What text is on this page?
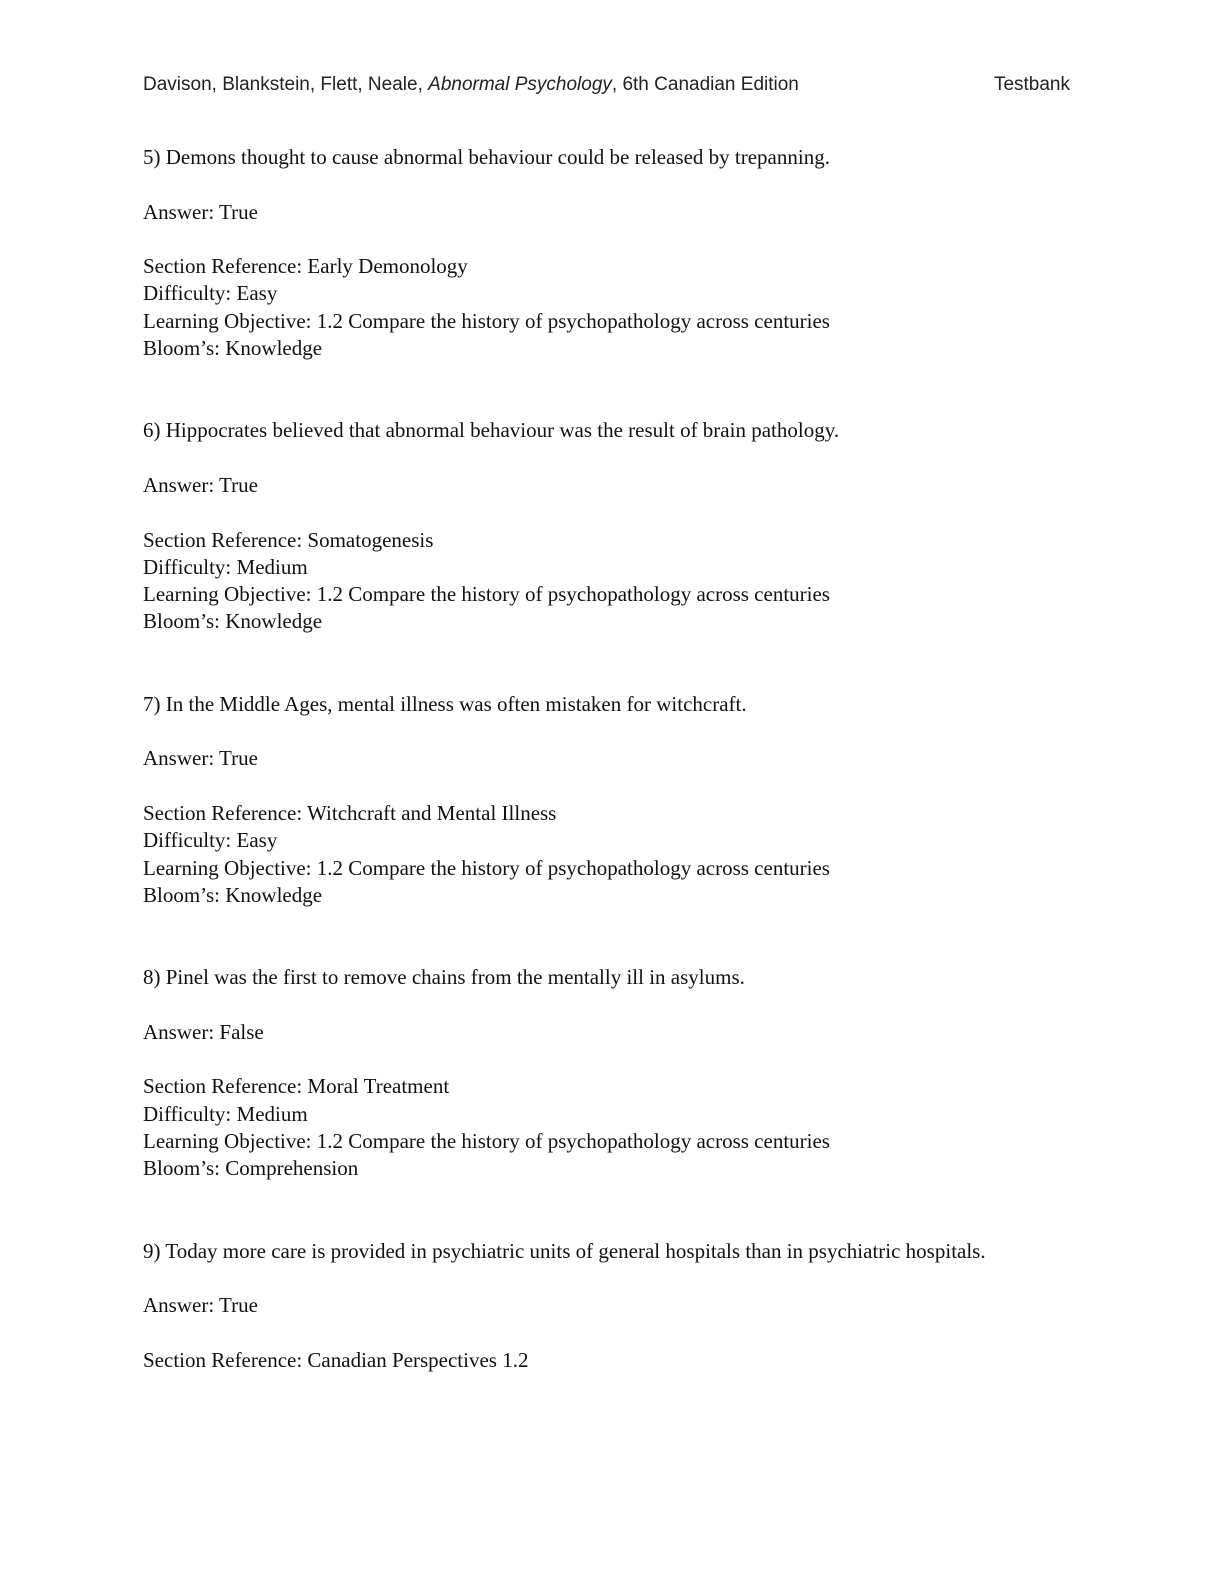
Davison, Blankstein, Flett, Neale, Abnormal Psychology, 6th Canadian Edition	Testbank
5) Demons thought to cause abnormal behaviour could be released by trepanning.
Answer: True
Section Reference: Early Demonology
Difficulty: Easy
Learning Objective: 1.2 Compare the history of psychopathology across centuries
Bloom’s: Knowledge
6) Hippocrates believed that abnormal behaviour was the result of brain pathology.
Answer: True
Section Reference: Somatogenesis
Difficulty: Medium
Learning Objective: 1.2 Compare the history of psychopathology across centuries
Bloom’s: Knowledge
7) In the Middle Ages, mental illness was often mistaken for witchcraft.
Answer: True
Section Reference: Witchcraft and Mental Illness
Difficulty: Easy
Learning Objective: 1.2 Compare the history of psychopathology across centuries
Bloom’s: Knowledge
8) Pinel was the first to remove chains from the mentally ill in asylums.
Answer: False
Section Reference: Moral Treatment
Difficulty: Medium
Learning Objective: 1.2 Compare the history of psychopathology across centuries
Bloom’s: Comprehension
9) Today more care is provided in psychiatric units of general hospitals than in psychiatric hospitals.
Answer: True
Section Reference: Canadian Perspectives 1.2
